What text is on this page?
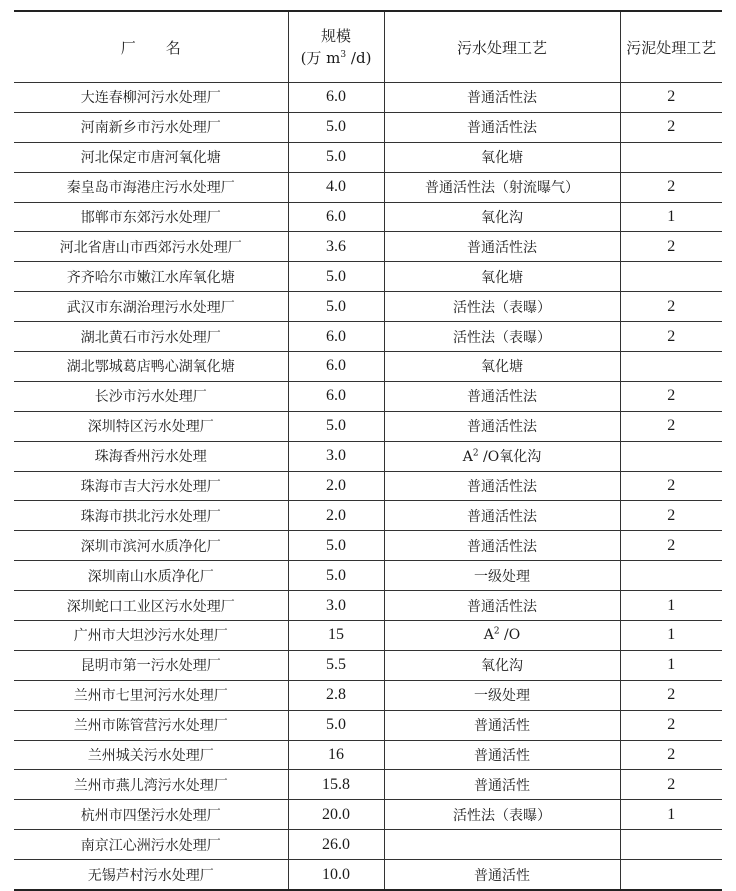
厂　　名	规模
(万 $m^3$ /d)	污水处理工艺	污泥处理工艺
大连春柳河污水处理厂	6.0	普通活性法	2
河南新乡市污水处理厂	5.0	普通活性法	2
河北保定市唐河氧化塘	5.0	氧化塘	
秦皇岛市海港庄污水处理厂	4.0	普通活性法（射流曝气）	2
邯郸市东郊污水处理厂	6.0	氧化沟	1
河北省唐山市西郊污水处理厂	3.6	普通活性法	2
齐齐哈尔市嫩江水库氧化塘	5.0	氧化塘	
武汉市东湖治理污水处理厂	5.0	活性法（表曝）	2
湖北黄石市污水处理厂	6.0	活性法（表曝）	2
湖北鄂城葛店鸭心湖氧化塘	6.0	氧化塘	
长沙市污水处理厂	6.0	普通活性法	2
深圳特区污水处理厂	5.0	普通活性法	2
珠海香州污水处理	3.0	$A^2$ /O氧化沟	
珠海市吉大污水处理厂	2.0	普通活性法	2
珠海市拱北污水处理厂	2.0	普通活性法	2
深圳市滨河水质净化厂	5.0	普通活性法	2
深圳南山水质净化厂	5.0	一级处理	
深圳蛇口工业区污水处理厂	3.0	普通活性法	1
广州市大坦沙污水处理厂	15	$A^2$ /O	1
昆明市第一污水处理厂	5.5	氧化沟	1
兰州市七里河污水处理厂	2.8	一级处理	2
兰州市陈管营污水处理厂	5.0	普通活性	2
兰州城关污水处理厂	16	普通活性	2
兰州市燕儿湾污水处理厂	15.8	普通活性	2
杭州市四堡污水处理厂	20.0	活性法（表曝）	1
南京江心洲污水处理厂	26.0		
无锡芦村污水处理厂	10.0	普通活性	
